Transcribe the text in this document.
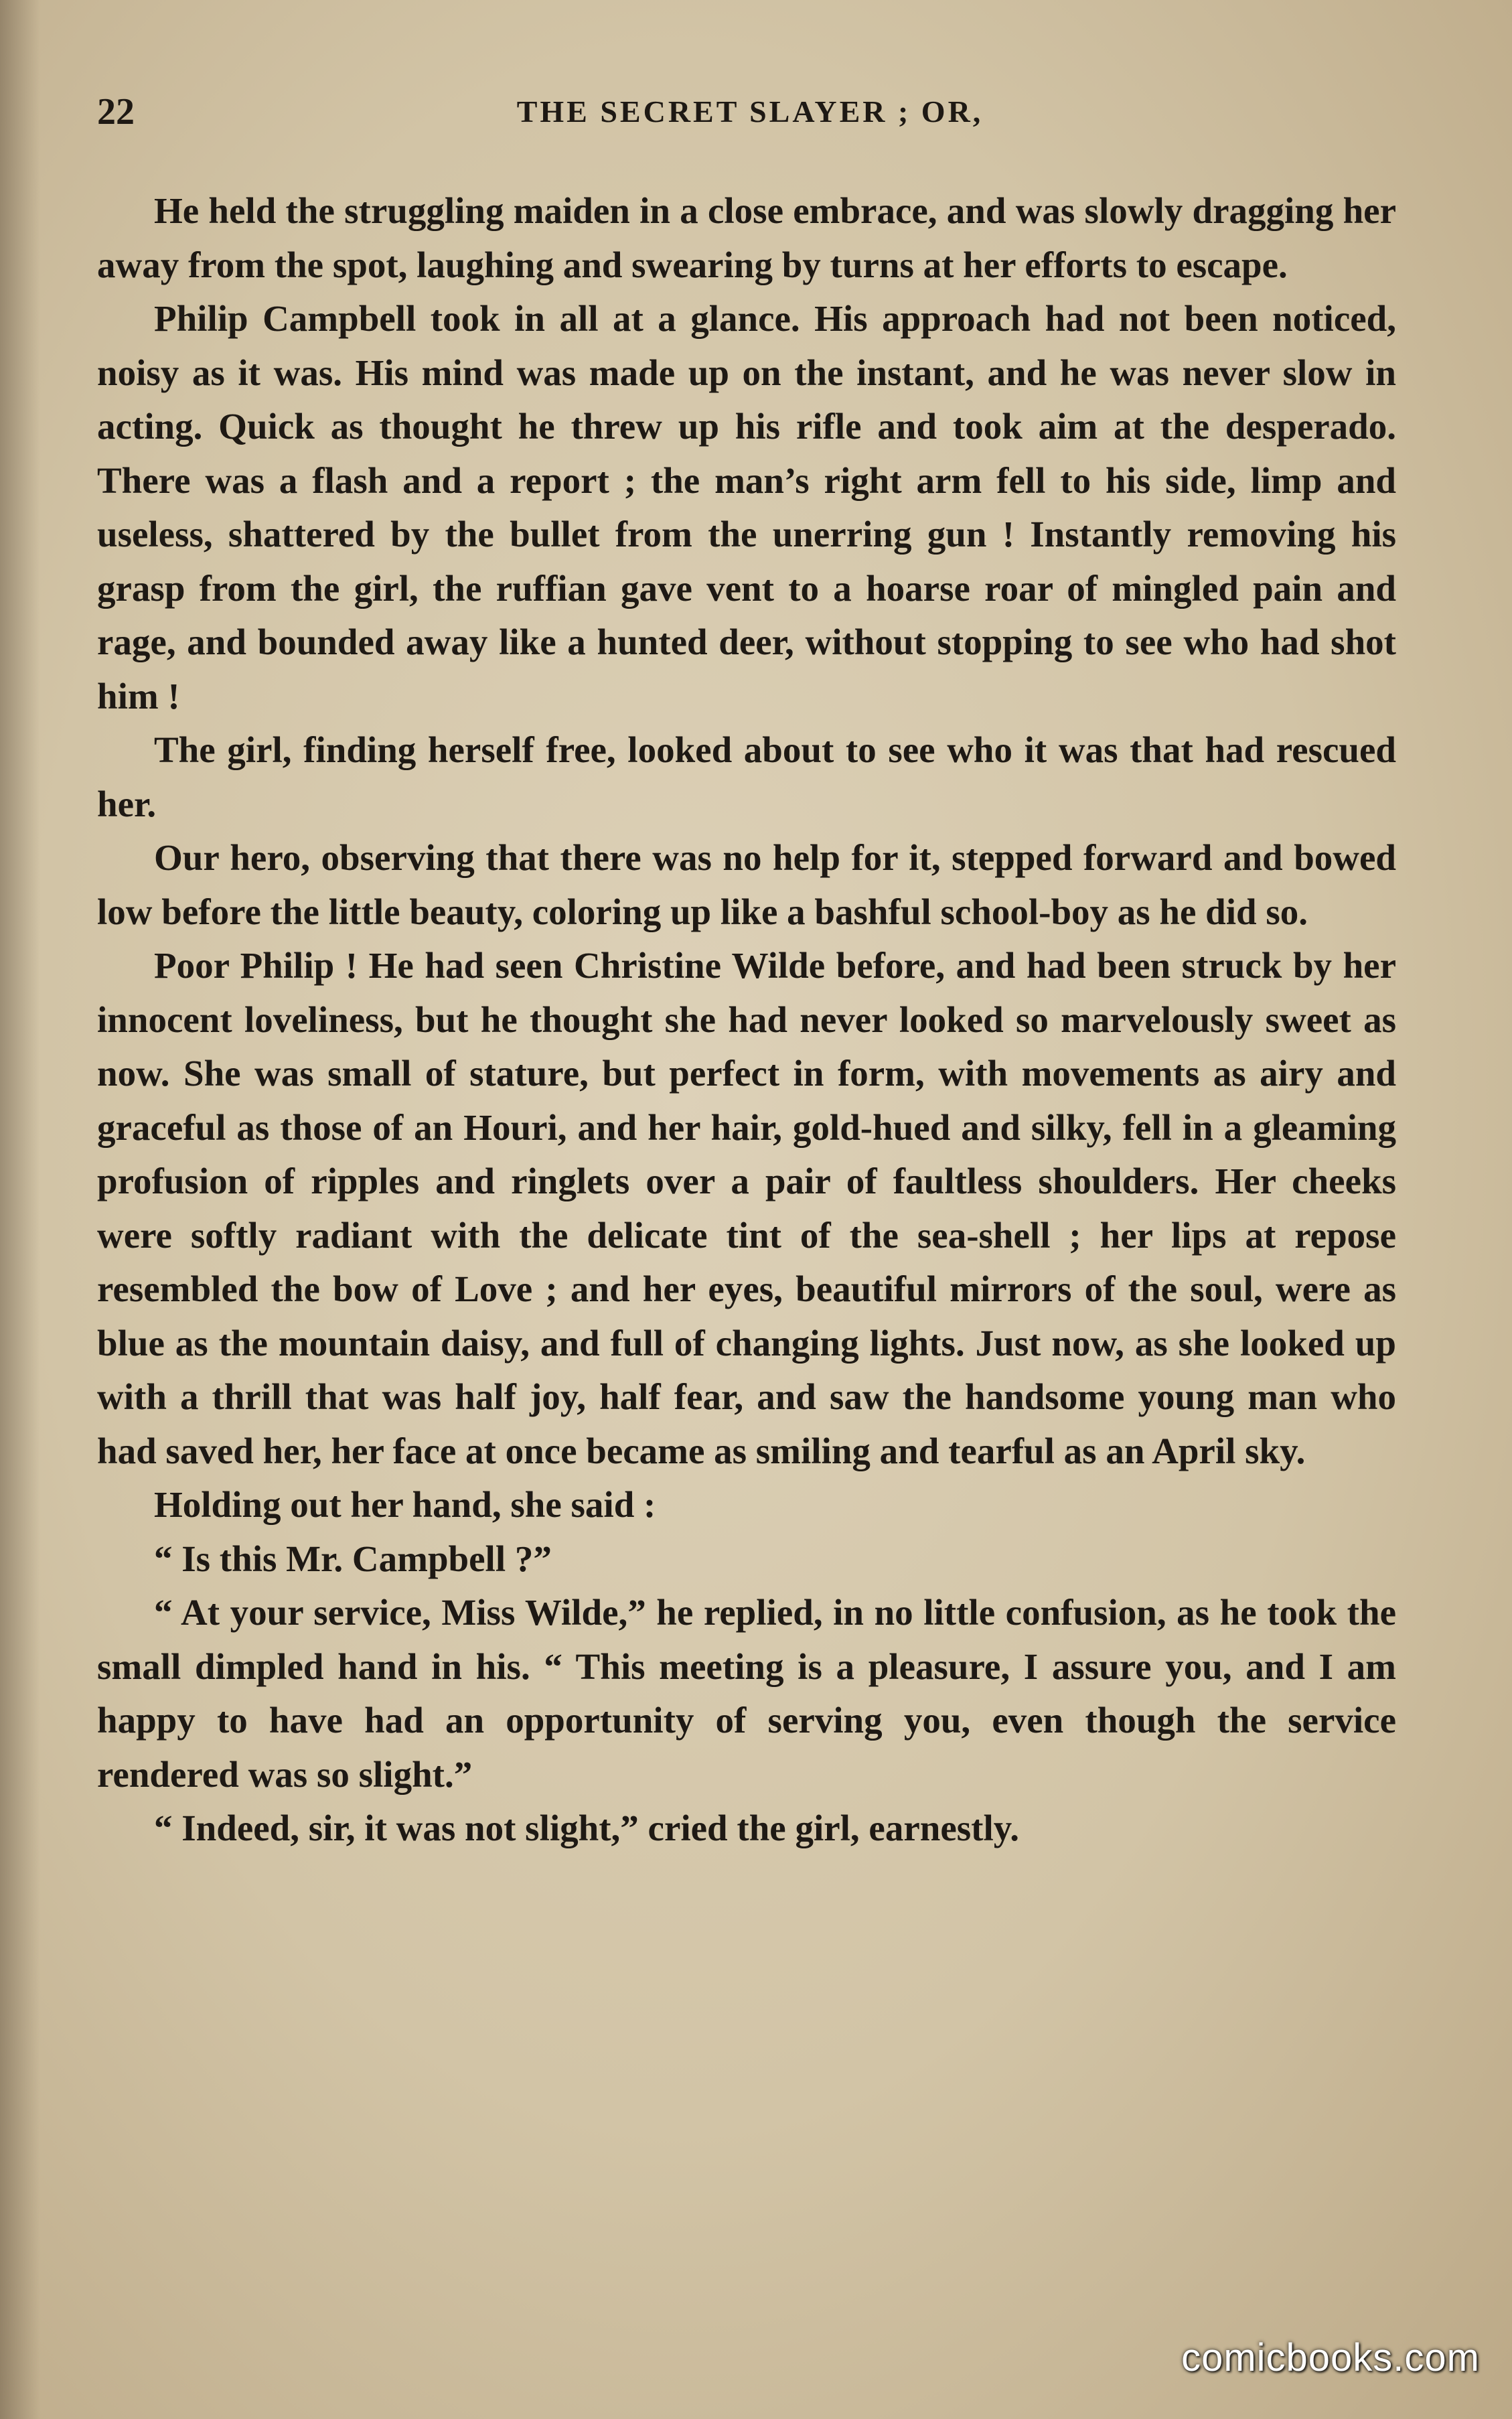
22	THE SECRET SLAYER ; OR,

He held the struggling maiden in a close embrace, and was slowly dragging her away from the spot, laughing and swearing by turns at her efforts to escape.

Philip Campbell took in all at a glance. His approach had not been noticed, noisy as it was. His mind was made up on the instant, and he was never slow in acting. Quick as thought he threw up his rifle and took aim at the desperado. There was a flash and a report ; the man’s right arm fell to his side, limp and useless, shattered by the bullet from the unerring gun ! Instantly removing his grasp from the girl, the ruffian gave vent to a hoarse roar of mingled pain and rage, and bounded away like a hunted deer, without stopping to see who had shot him !

The girl, finding herself free, looked about to see who it was that had rescued her.

Our hero, observing that there was no help for it, stepped forward and bowed low before the little beauty, coloring up like a bashful school-boy as he did so.

Poor Philip ! He had seen Christine Wilde before, and had been struck by her innocent loveliness, but he thought she had never looked so marvelously sweet as now. She was small of stature, but perfect in form, with movements as airy and graceful as those of an Houri, and her hair, gold-hued and silky, fell in a gleaming profusion of ripples and ringlets over a pair of faultless shoulders. Her cheeks were softly radiant with the delicate tint of the sea-shell ; her lips at repose resembled the bow of Love ; and her eyes, beautiful mirrors of the soul, were as blue as the mountain daisy, and full of changing lights. Just now, as she looked up with a thrill that was half joy, half fear, and saw the handsome young man who had saved her, her face at once became as smiling and tearful as an April sky.

Holding out her hand, she said :

“ Is this Mr. Campbell ?”

“ At your service, Miss Wilde,” he replied, in no little confusion, as he took the small dimpled hand in his. “ This meeting is a pleasure, I assure you, and I am happy to have had an opportunity of serving you, even though the service rendered was so slight.”

“ Indeed, sir, it was not slight,” cried the girl, earnestly.

comicbooks.com
